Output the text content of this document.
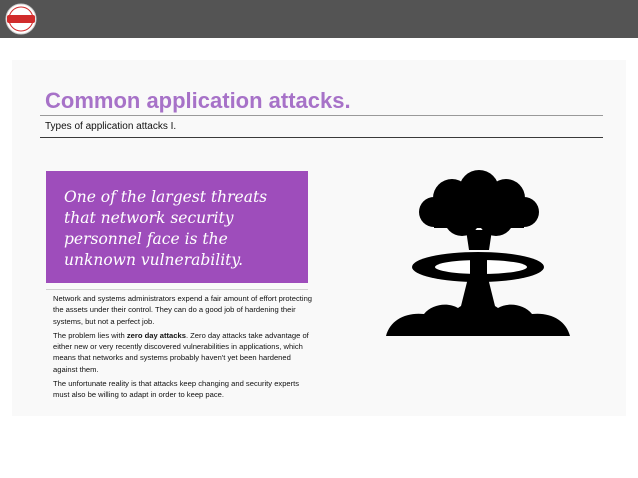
Common application attacks.
Types of application attacks I.
One of the largest threats
that network security
personnel face is the
unknown vulnerability.

Network and systems administrators expend a fair amount of effort protecting the assets under their control. They can do a good job of hardening their systems, but not a perfect job.

The problem lies with zero day attacks. Zero day attacks take advantage of either new or very recently discovered vulnerabilities in applications, which means that networks and systems probably haven't yet been hardened against them.

The unfortunate reality is that attacks keep changing and security experts must also be willing to adapt in order to keep pace.
